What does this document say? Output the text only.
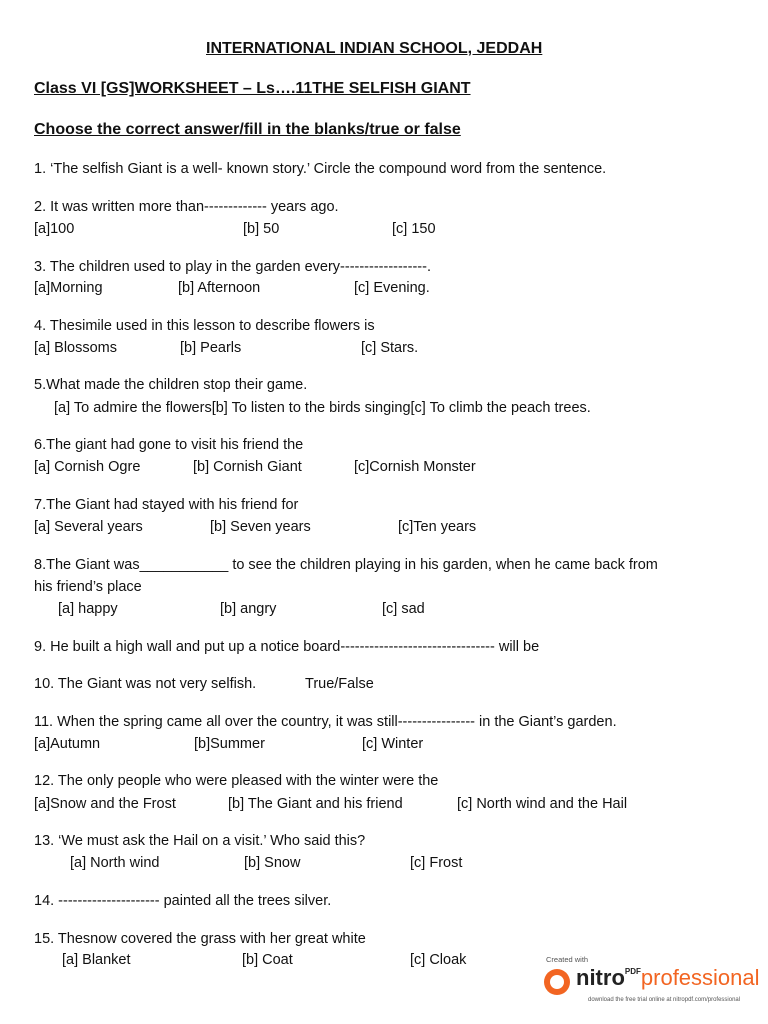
INTERNATIONAL INDIAN SCHOOL, JEDDAH
Class VI [GS]WORKSHEET – Ls….11THE SELFISH GIANT
Choose the correct answer/fill in the blanks/true or false
1. ‘The selfish Giant is a well- known story.’ Circle the compound word from the sentence.
2. It was written more than------------- years ago.
[a]100	[b] 50	[c] 150
3. The children used to play in the garden every------------------.
[a]Morning	[b] Afternoon	[c] Evening.
4. Thesimile used in this lesson to describe flowers is
[a] Blossoms	[b] Pearls	[c] Stars.
5.What made the children stop their game.
[a] To admire the flowers[b] To listen to the birds singing[c] To climb the peach trees.
6.The giant had gone to visit his friend the
[a] Cornish Ogre	[b] Cornish Giant	[c]Cornish Monster
7.The Giant had stayed with his friend for
[a] Several years	[b] Seven years	[c]Ten years
8.The Giant was___________ to see the children playing in his garden, when he came back from
his friend’s place
[a] happy	[b] angry	[c] sad
9. He built a high wall and put up a notice board-------------------------------- will be
10. The Giant was not very selfish.	True/False
11. When the spring came all over the country, it was still---------------- in the Giant’s garden.
[a]Autumn	[b]Summer	[c] Winter
12. The only people who were pleased with the winter were the
[a]Snow and the Frost	[b] The Giant and his friend	[c] North wind and the Hail
13. ‘We must ask the Hail on a visit.’ Who said this?
[a] North wind	[b] Snow	[c] Frost
14. --------------------- painted all the trees silver.
15. Thesnow covered the grass with her great white
[a] Blanket	[b] Coat	[c] Cloak	Created with
nitro$^{PDF}$professional
download the free trial online at nitropdf.com/professional
